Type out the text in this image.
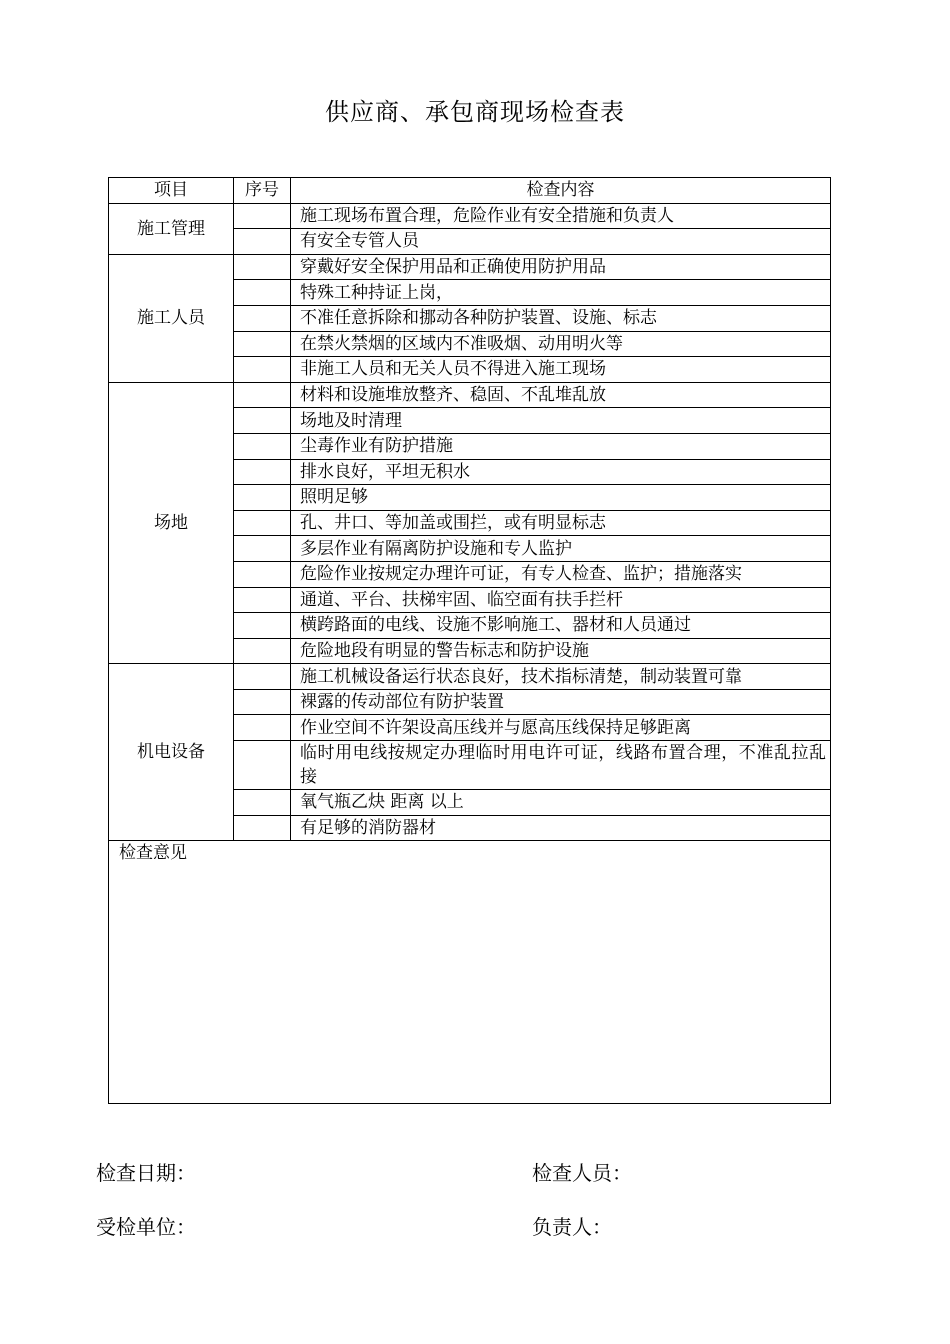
供应商、承包商现场检查表
项目	序号	检查内容
施工管理		施工现场布置合理，危险作业有安全措施和负责人
		有安全专管人员
施工人员		穿戴好安全保护用品和正确使用防护用品
		特殊工种持证上岗，
		不准任意拆除和挪动各种防护装置、设施、标志
		在禁火禁烟的区域内不准吸烟、动用明火等
		非施工人员和无关人员不得进入施工现场
场地		材料和设施堆放整齐、稳固、不乱堆乱放
		场地及时清理
		尘毒作业有防护措施
		排水良好，平坦无积水
		照明足够
		孔、井口、等加盖或围拦，或有明显标志
		多层作业有隔离防护设施和专人监护
		危险作业按规定办理许可证，有专人检查、监护；措施落实
		通道、平台、扶梯牢固、临空面有扶手拦杆
		横跨路面的电线、设施不影响施工、器材和人员通过
		危险地段有明显的警告标志和防护设施
机电设备		施工机械设备运行状态良好，技术指标清楚，制动装置可靠
		裸露的传动部位有防护装置
		作业空间不许架设高压线并与愿高压线保持足够距离
		临时用电线按规定办理临时用电许可证，线路布置合理，不准乱拉乱接
		氧气瓶乙炔 距离 以上
		有足够的消防器材
检查意见		
检查日期：	检查人员：
受检单位：	负责人：
